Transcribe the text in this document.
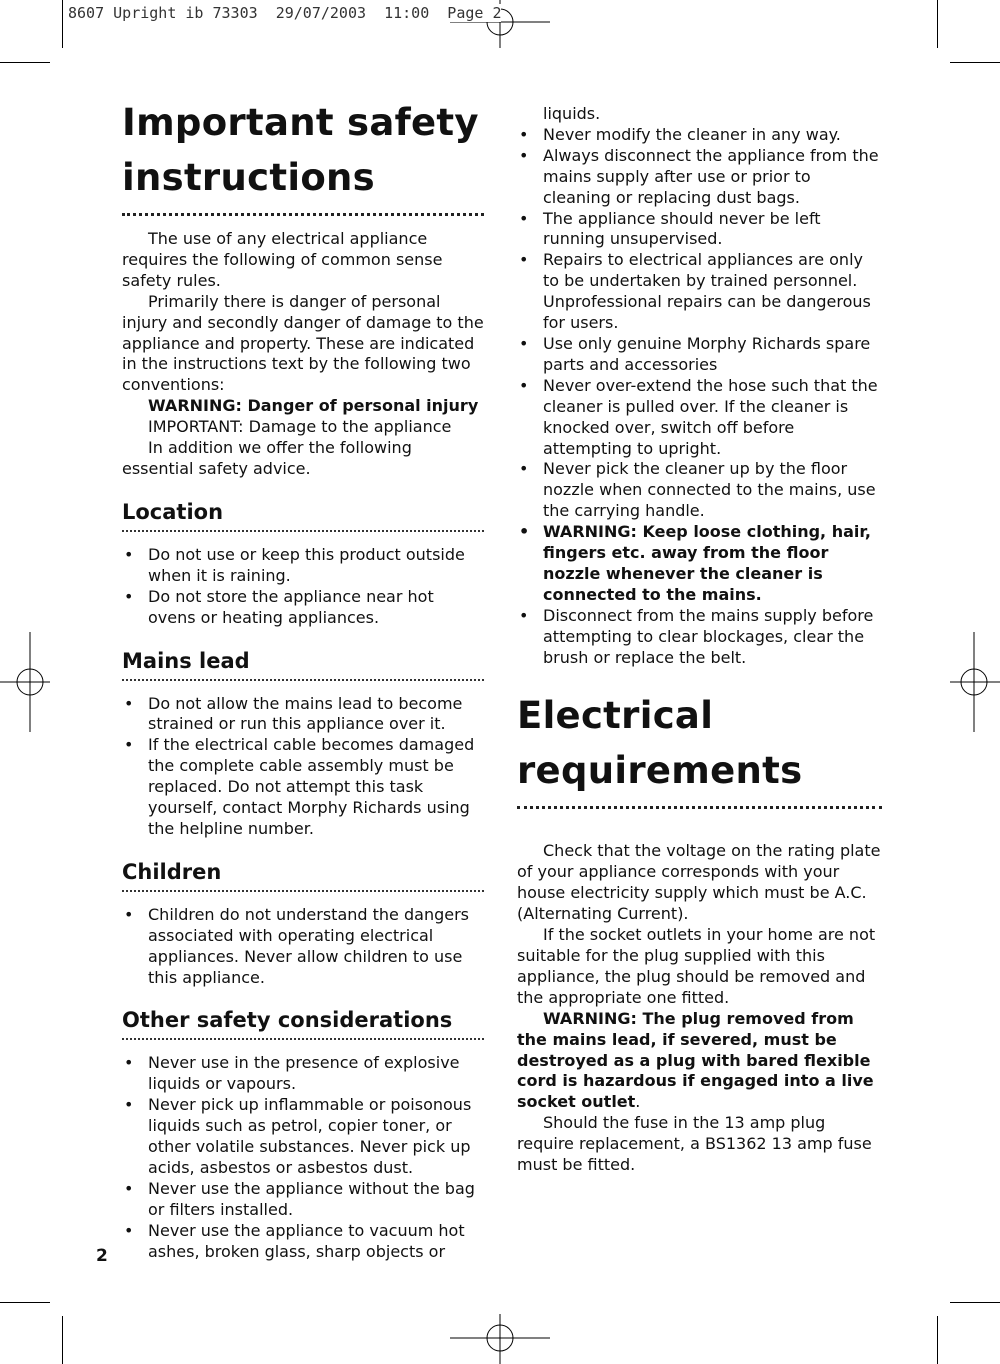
8607 Upright ib 73303  29/07/2003  11:00  Page 2
Important safety instructions

The use of any electrical appliance requires the following of common sense safety rules.

Primarily there is danger of personal injury and secondly danger of damage to the appliance and property. These are indicated in the instructions text by the following two conventions:

WARNING: Danger of personal injury

IMPORTANT: Damage to the appliance

In addition we offer the following essential safety advice.

Location
• Do not use or keep this product outside when it is raining.
• Do not store the appliance near hot ovens or heating appliances.
Mains lead
• Do not allow the mains lead to become strained or run this appliance over it.
• If the electrical cable becomes damaged the complete cable assembly must be replaced. Do not attempt this task yourself, contact Morphy Richards using the helpline number.
Children
• Children do not understand the dangers associated with operating electrical appliances. Never allow children to use this appliance.
Other safety considerations
• Never use in the presence of explosive liquids or vapours.
• Never pick up inflammable or poisonous liquids such as petrol, copier toner, or other volatile substances. Never pick up acids, asbestos or asbestos dust.
• Never use the appliance without the bag or filters installed.
• Never use the appliance to vacuum hot ashes, broken glass, sharp objects or

liquids.

• Never modify the cleaner in any way.
• Always disconnect the appliance from the mains supply after use or prior to cleaning or replacing dust bags.
• The appliance should never be left running unsupervised.
• Repairs to electrical appliances are only to be undertaken by trained personnel. Unprofessional repairs can be dangerous for users.
• Use only genuine Morphy Richards spare parts and accessories
• Never over-extend the hose such that the cleaner is pulled over. If the cleaner is knocked over, switch off before attempting to upright.
• Never pick the cleaner up by the floor nozzle when connected to the mains, use the carrying handle.
• WARNING: Keep loose clothing, hair, fingers etc. away from the floor nozzle whenever the cleaner is connected to the mains.
• Disconnect from the mains supply before attempting to clear blockages, clear the brush or replace the belt.
Electrical requirements

Check that the voltage on the rating plate of your appliance corresponds with your house electricity supply which must be A.C. (Alternating Current).

If the socket outlets in your home are not suitable for the plug supplied with this appliance, the plug should be removed and the appropriate one fitted.

WARNING: The plug removed from the mains lead, if severed, must be destroyed as a plug with bared flexible cord is hazardous if engaged into a live socket outlet.

Should the fuse in the 13 amp plug require replacement, a BS1362 13 amp fuse must be fitted.

2
